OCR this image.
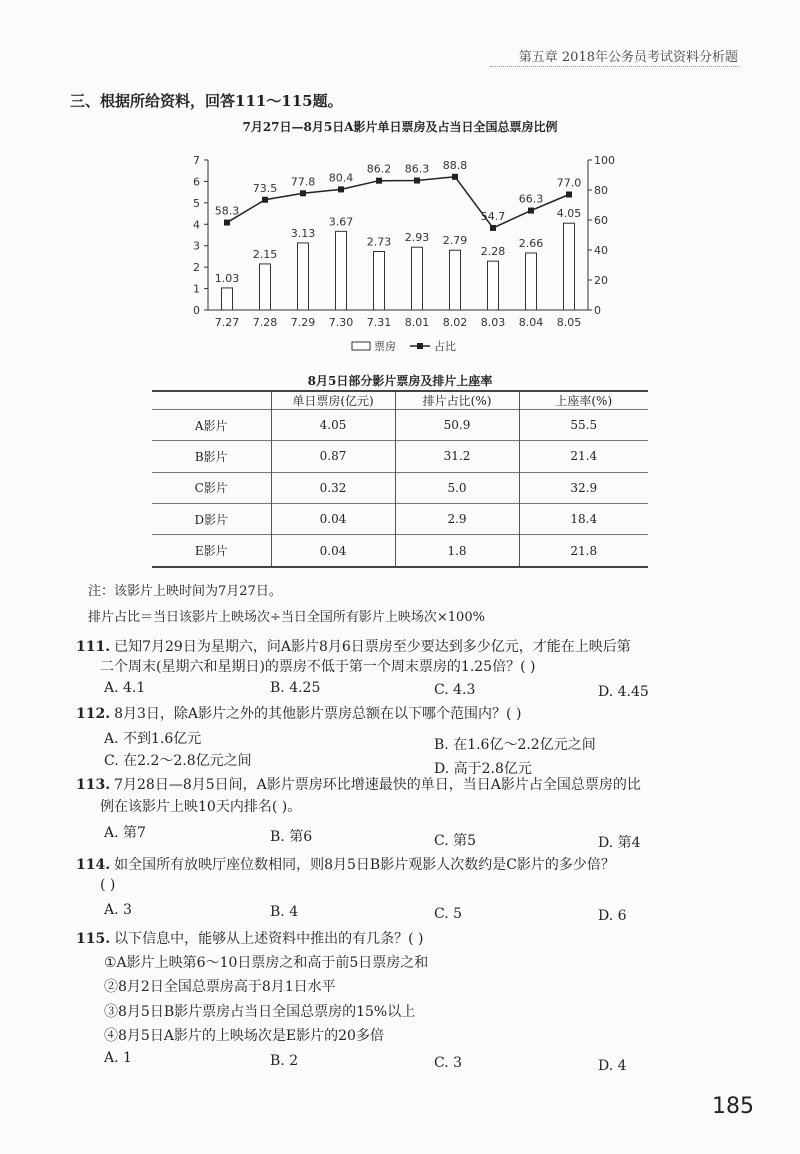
第五章 2018年公务员考试资料分析题
三、根据所给资料，回答111～115题。
7月27日—8月5日A影片单日票房及占当日全国总票房比例
0
1
2
3
4
5
6
7
0
20
40
60
80
100
7.27 7.28 7.29 7.30 7.31 8.01 8.02 8.03 8.04 8.05
1.03
2.15
3.13
3.67
2.73 2.93 2.79
2.28
2.66
4.05
58.3
73.5 77.8 80.4
86.2 86.3 88.8
54.7
66.3
77.0
票房	占比
8月5日部分影片票房及排片上座率
	单日票房(亿元)	排片占比(%)	上座率(%)
A影片	4.05	50.9	55.5
B影片	0.87	31.2	21.4
C影片	0.32	5.0	32.9
D影片	0.04	2.9	18.4
E影片	0.04	1.8	21.8
注：该影片上映时间为7月27日。
排片占比＝当日该影片上映场次÷当日全国所有影片上映场次×100%
111. 已知7月29日为星期六，问A影片8月6日票房至少要达到多少亿元，才能在上映后第
二个周末(星期六和星期日)的票房不低于第一个周末票房的1.25倍？( )
A. 4.1	B. 4.25	C. 4.3	D. 4.45
112. 8月3日，除A影片之外的其他影片票房总额在以下哪个范围内？( )
A. 不到1.6亿元	B. 在1.6亿～2.2亿元之间
C. 在2.2～2.8亿元之间	D. 高于2.8亿元
113. 7月28日—8月5日间，A影片票房环比增速最快的单日，当日A影片占全国总票房的比
例在该影片上映10天内排名( )。
A. 第7	B. 第6	C. 第5	D. 第4
114. 如全国所有放映厅座位数相同，则8月5日B影片观影人次数约是C影片的多少倍？
( )
A. 3	B. 4	C. 5	D. 6
115. 以下信息中，能够从上述资料中推出的有几条？( )
①A影片上映第6～10日票房之和高于前5日票房之和
②8月2日全国总票房高于8月1日水平
③8月5日B影片票房占当日全国总票房的15%以上
④8月5日A影片的上映场次是E影片的20多倍
A. 1	B. 2	C. 3	D. 4
185
